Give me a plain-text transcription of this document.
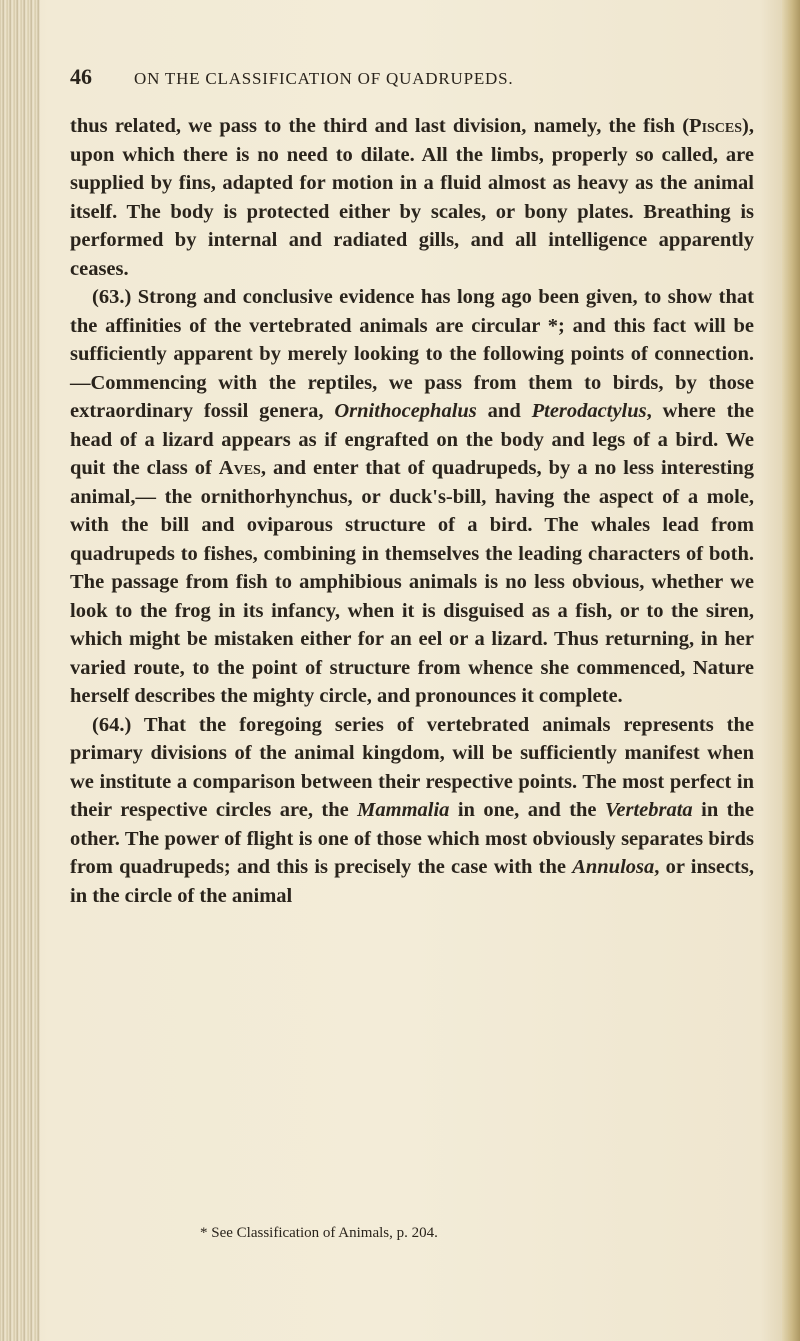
46 ON THE CLASSIFICATION OF QUADRUPEDS.

thus related, we pass to the third and last division, namely, the fish (Pisces), upon which there is no need to dilate. All the limbs, properly so called, are supplied by fins, adapted for motion in a fluid almost as heavy as the animal itself. The body is protected either by scales, or bony plates. Breathing is performed by internal and radiated gills, and all intelligence apparently ceases.

(63.) Strong and conclusive evidence has long ago been given, to show that the affinities of the vertebrated animals are circular *; and this fact will be sufficiently apparent by merely looking to the following points of connection. —Commencing with the reptiles, we pass from them to birds, by those extraordinary fossil genera, Ornithocephalus and Pterodactylus, where the head of a lizard appears as if engrafted on the body and legs of a bird. We quit the class of Aves, and enter that of quadrupeds, by a no less interesting animal,— the ornithorhynchus, or duck's-bill, having the aspect of a mole, with the bill and oviparous structure of a bird. The whales lead from quadrupeds to fishes, combining in themselves the leading characters of both. The passage from fish to amphibious animals is no less obvious, whether we look to the frog in its infancy, when it is disguised as a fish, or to the siren, which might be mistaken either for an eel or a lizard. Thus returning, in her varied route, to the point of structure from whence she commenced, Nature herself describes the mighty circle, and pronounces it complete.

(64.) That the foregoing series of vertebrated animals represents the primary divisions of the animal kingdom, will be sufficiently manifest when we institute a comparison between their respective points. The most perfect in their respective circles are, the Mammalia in one, and the Vertebrata in the other. The power of flight is one of those which most obviously separates birds from quadrupeds; and this is precisely the case with the Annulosa, or insects, in the circle of the animal

* See Classification of Animals, p. 204.
